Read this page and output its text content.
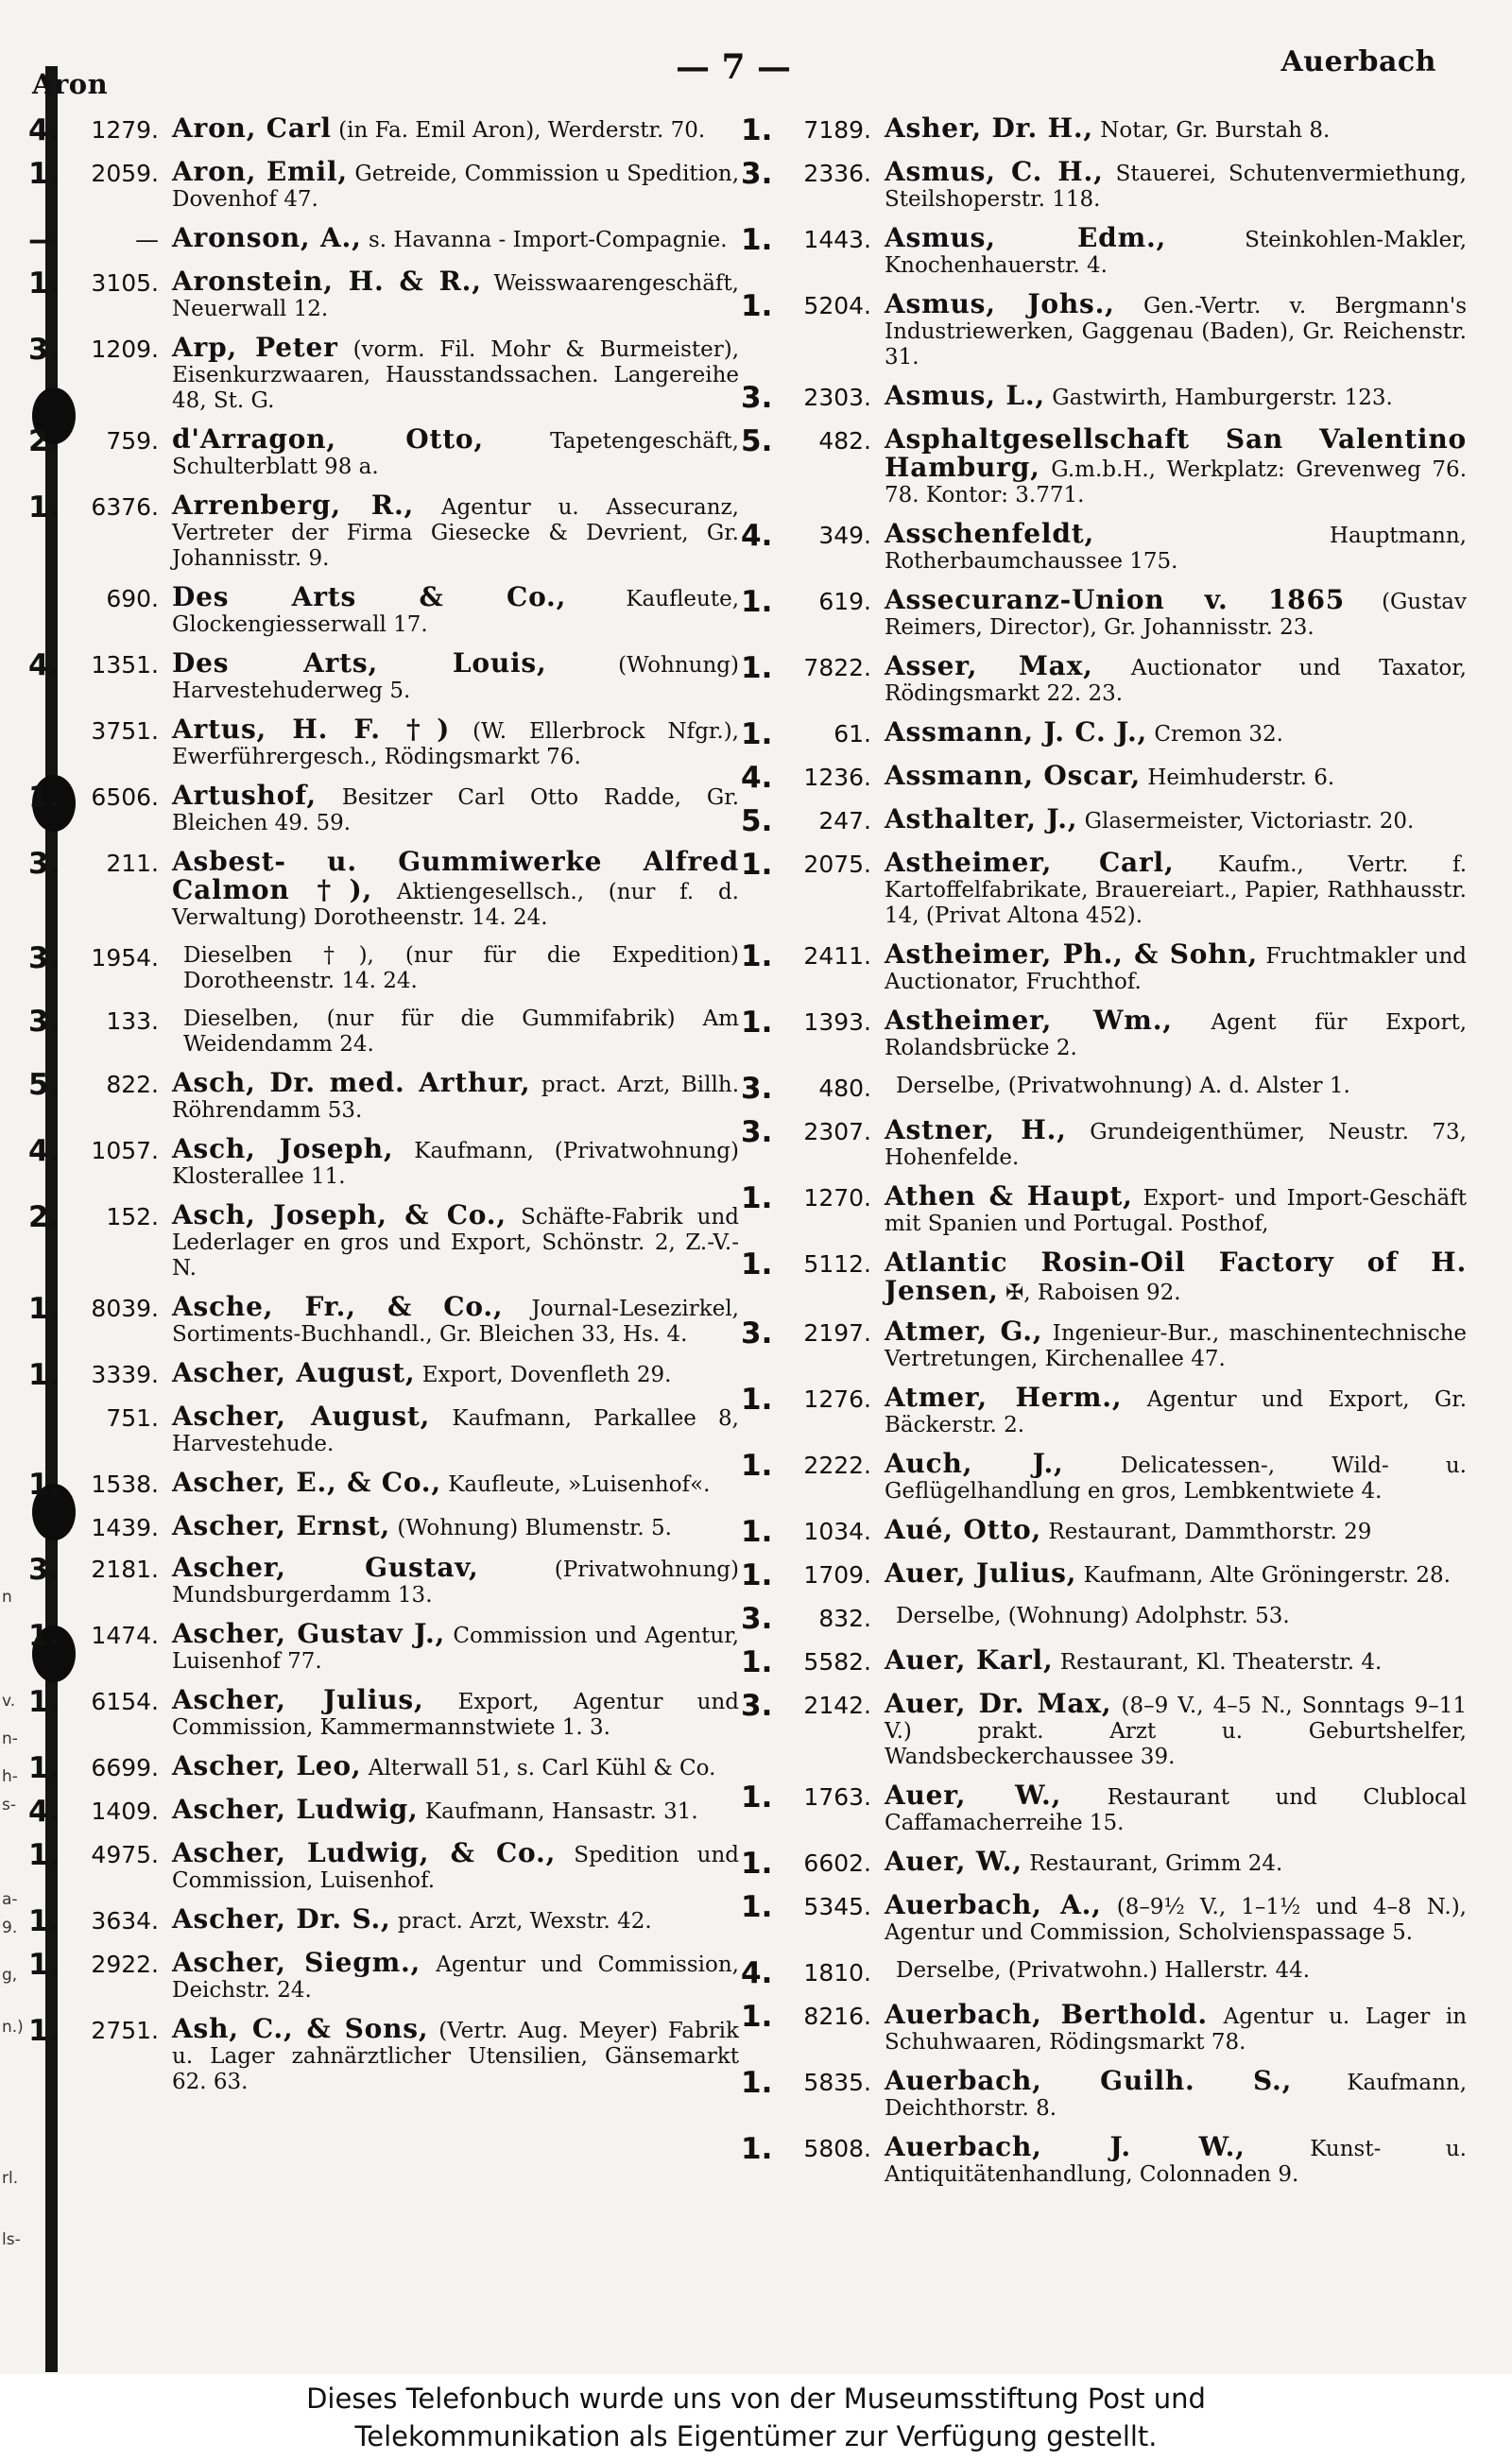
n
v.
n-
h-
s-
a-
9.
g,
n.)
rl.
ls-
Aron	— 7 —	Auerbach
4.	1279. Aron, Carl (in Fa. Emil Aron), Werderstr. 70.
1.	2059. Aron, Emil, Getreide, Commission u Spedition, Dovenhof 47.
—	— Aronson, A., s. Havanna - Import-Compagnie.
1.	3105. Aronstein, H. & R., Weisswaarengeschäft, Neuerwall 12.
3.	1209. Arp, Peter (vorm. Fil. Mohr & Burmeister), Eisenkurzwaaren, Hausstandssachen. Langereihe 48, St. G.
2.	759. d'Arragon, Otto,	Tapetengeschäft, Schulterblatt 98 a.
1.	6376. Arrenberg, R., Agentur u. Assecuranz, Vertreter der Firma Giesecke & Devrient, Gr. Johannisstr. 9.
690. Des Arts & Co.,	Kaufleute, Glockengiesserwall 17.
4.	1351. Des Arts, Louis,	(Wohnung) Harvestehuderweg 5.
3751. Artus, H. F. †) (W. Ellerbrock Nfgr.), Ewerführergesch., Rödingsmarkt 76.
1.	6506. Artushof, Besitzer Carl Otto Radde, Gr. Bleichen 49. 59.
3.	211. Asbest- u. Gummiwerke Alfred Calmon †), Aktiengesellsch., (nur f. d. Verwaltung) Dorotheenstr. 14. 24.
3.	1954.	Dieselben †), (nur für die Expedition) Dorotheenstr. 14. 24.
3.	133.	Dieselben, (nur für die Gummifabrik) Am Weidendamm 24.
5.	822. Asch, Dr. med. Arthur, pract. Arzt, Billh. Röhrendamm 53.
4.	1057. Asch, Joseph, Kaufmann, (Privatwohnung) Klosterallee 11.
2.	152. Asch, Joseph, & Co., Schäfte-Fabrik und Lederlager en gros und Export, Schönstr. 2, Z.-V.-N.
1.	8039. Asche, Fr., & Co., Journal-Lesezirkel, Sortiments-Buchhandl., Gr. Bleichen 33, Hs. 4.
1.	3339. Ascher, August, Export, Dovenfleth 29.
751. Ascher, August, Kaufmann, Parkallee 8, Harvestehude.
1.	1538. Ascher, E., & Co., Kaufleute, »Luisenhof«.
1439. Ascher, Ernst, (Wohnung) Blumenstr. 5.
3.	2181. Ascher, Gustav,	(Privatwohnung) Mundsburgerdamm 13.
1.	1474. Ascher, Gustav J., Commission und Agentur, Luisenhof 77.
1.	6154. Ascher, Julius, Export, Agentur und Commission, Kammermannstwiete 1. 3.
1.	6699. Ascher, Leo, Alterwall 51, s. Carl Kühl & Co.
4.	1409. Ascher, Ludwig, Kaufmann, Hansastr. 31.
1.	4975. Ascher, Ludwig, & Co., Spedition und Commission, Luisenhof.
1.	3634. Ascher, Dr. S., pract. Arzt, Wexstr. 42.
1.	2922. Ascher, Siegm., Agentur und Commission, Deichstr. 24.
1.	2751. Ash, C., & Sons, (Vertr. Aug. Meyer) Fabrik u. Lager zahnärztlicher Utensilien, Gänsemarkt 62. 63.
1.	7189. Asher, Dr. H., Notar, Gr. Burstah 8.
3.	2336. Asmus, C. H., Stauerei, Schutenvermiethung, Steilshoperstr. 118.
1.	1443. Asmus, Edm.,	Steinkohlen-Makler, Knochenhauerstr. 4.
1.	5204. Asmus, Johs., Gen.-Vertr. v. Bergmann's Industriewerken, Gaggenau (Baden), Gr. Reichenstr. 31.
3.	2303. Asmus, L., Gastwirth, Hamburgerstr. 123.
5.	482. Asphaltgesellschaft San Valentino Hamburg, G.m.b.H., Werkplatz: Grevenweg 76. 78. Kontor: 3.771.
4.	349. Asschenfeldt,	Hauptmann, Rotherbaumchaussee 175.
1.	619. Assecuranz-Union v. 1865 (Gustav Reimers, Director), Gr. Johannisstr. 23.
1.	7822. Asser, Max, Auctionator und Taxator, Rödingsmarkt 22. 23.
1.	61. Assmann, J. C. J., Cremon 32.
4.	1236. Assmann, Oscar, Heimhuderstr. 6.
5.	247. Asthalter, J., Glasermeister, Victoriastr. 20.
1.	2075. Astheimer, Carl, Kaufm., Vertr. f. Kartoffelfabrikate, Brauereiart., Papier, Rathhausstr. 14, (Privat Altona 452).
1.	2411. Astheimer, Ph., & Sohn, Fruchtmakler und Auctionator, Fruchthof.
1.	1393. Astheimer, Wm., Agent für Export, Rolandsbrücke 2.
3.	480.	Derselbe, (Privatwohnung) A. d. Alster 1.
3.	2307. Astner, H., Grundeigenthümer, Neustr. 73, Hohenfelde.
1.	1270. Athen & Haupt, Export- und Import-Geschäft mit Spanien und Portugal. Posthof,
1.	5112. Atlantic Rosin-Oil Factory of H. Jensen, ✠, Raboisen 92.
3.	2197. Atmer, G., Ingenieur-Bur., maschinentechnische Vertretungen, Kirchenallee 47.
1.	1276. Atmer, Herm., Agentur und Export, Gr. Bäckerstr. 2.
1.	2222. Auch, J.,	Delicatessen-, Wild- u. Geflügelhandlung en gros, Lembkentwiete 4.
1.	1034. Aué, Otto, Restaurant, Dammthorstr. 29
1.	1709. Auer, Julius, Kaufmann, Alte Gröningerstr. 28.
3.	832.	Derselbe, (Wohnung) Adolphstr. 53.
1.	5582. Auer, Karl, Restaurant, Kl. Theaterstr. 4.
3.	2142. Auer, Dr. Max, (8–9 V., 4–5 N., Sonntags 9–11 V.) prakt. Arzt u. Geburtshelfer, Wandsbeckerchaussee 39.
1.	1763. Auer, W., Restaurant und Clublocal Caffamacherreihe 15.
1.	6602. Auer, W., Restaurant, Grimm 24.
1.	5345. Auerbach, A., (8–9½ V., 1–1½ und 4–8 N.), Agentur und Commission, Scholvienspassage 5.
4.	1810.	Derselbe, (Privatwohn.) Hallerstr. 44.
1.	8216. Auerbach, Berthold. Agentur u. Lager in Schuhwaaren, Rödingsmarkt 78.
1.	5835. Auerbach, Guilh. S.,	Kaufmann, Deichthorstr. 8.
1.	5808. Auerbach, J. W.,	Kunst- u. Antiquitätenhandlung, Colonnaden 9.
Dieses Telefonbuch wurde uns von der Museumsstiftung Post und
Telekommunikation als Eigentümer zur Verfügung gestellt.
